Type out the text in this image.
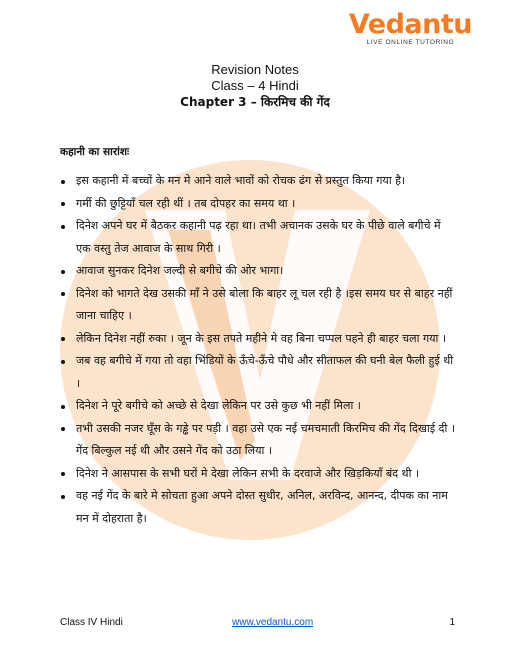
Vedantu
LIVE ONLINE TUTORING
Revision Notes
Class – 4 Hindi
Chapter 3 – किरमिच की गेंद
कहानी का सारांशः
इस कहानी में बच्चों के मन मे आने वाले भावों को रोचक ढंग से प्रस्तुत किया गया है।
गर्मी की छुट्टियाँ चल रही थीं । तब दोपहर का समय था ।
दिनेश अपने घर में बैठकर कहानी पढ़ रहा था। तभी अचानक उसके घर के पीछे वाले बगीचे में एक वस्तु तेज आवाज के साथ गिरी ।
आवाज सुनकर दिनेश जल्दी से बगीचे की ओर भागा।
दिनेश को भागते देख उसकी माँ ने उसे बोला कि बाहर लू चल रही है ।इस समय घर से बाहर नहीं जाना चाहिए ।
लेकिन दिनेश नहीं रुका । जून के इस तपते महीने मे वह बिना चप्पल पहने ही बाहर चला गया ।
जब वह बगीचे में गया तो वहा भिंडियों के ऊँचे-ऊँचे पौधे और सीताफल की घनी बेल फैली हुई थी ।
दिनेश ने पूरे बगीचे को अच्छे से देखा लेकिन पर उसे कुछ भी नहीं मिला ।
तभी उसकी नजर घूँस के गड्ढे पर पड़ी । वहा उसे एक नई चमचमाती किरमिच की गेंद दिखाई दी । गेंद बिल्कुल नई थी और उसने गेंद को उठा लिया ।
दिनेश ने आसपास के सभी घरों मे देखा लेकिन सभी के दरवाजे और खिड़कियाँ बंद थी ।
वह नई गेंद के बारे मे सोचता हुआ अपने दोस्त सुधीर, अनिल, अरविन्द, आनन्द, दीपक का नाम मन में दोहराता है।
Class IV Hindi	www.vedantu.com	1
